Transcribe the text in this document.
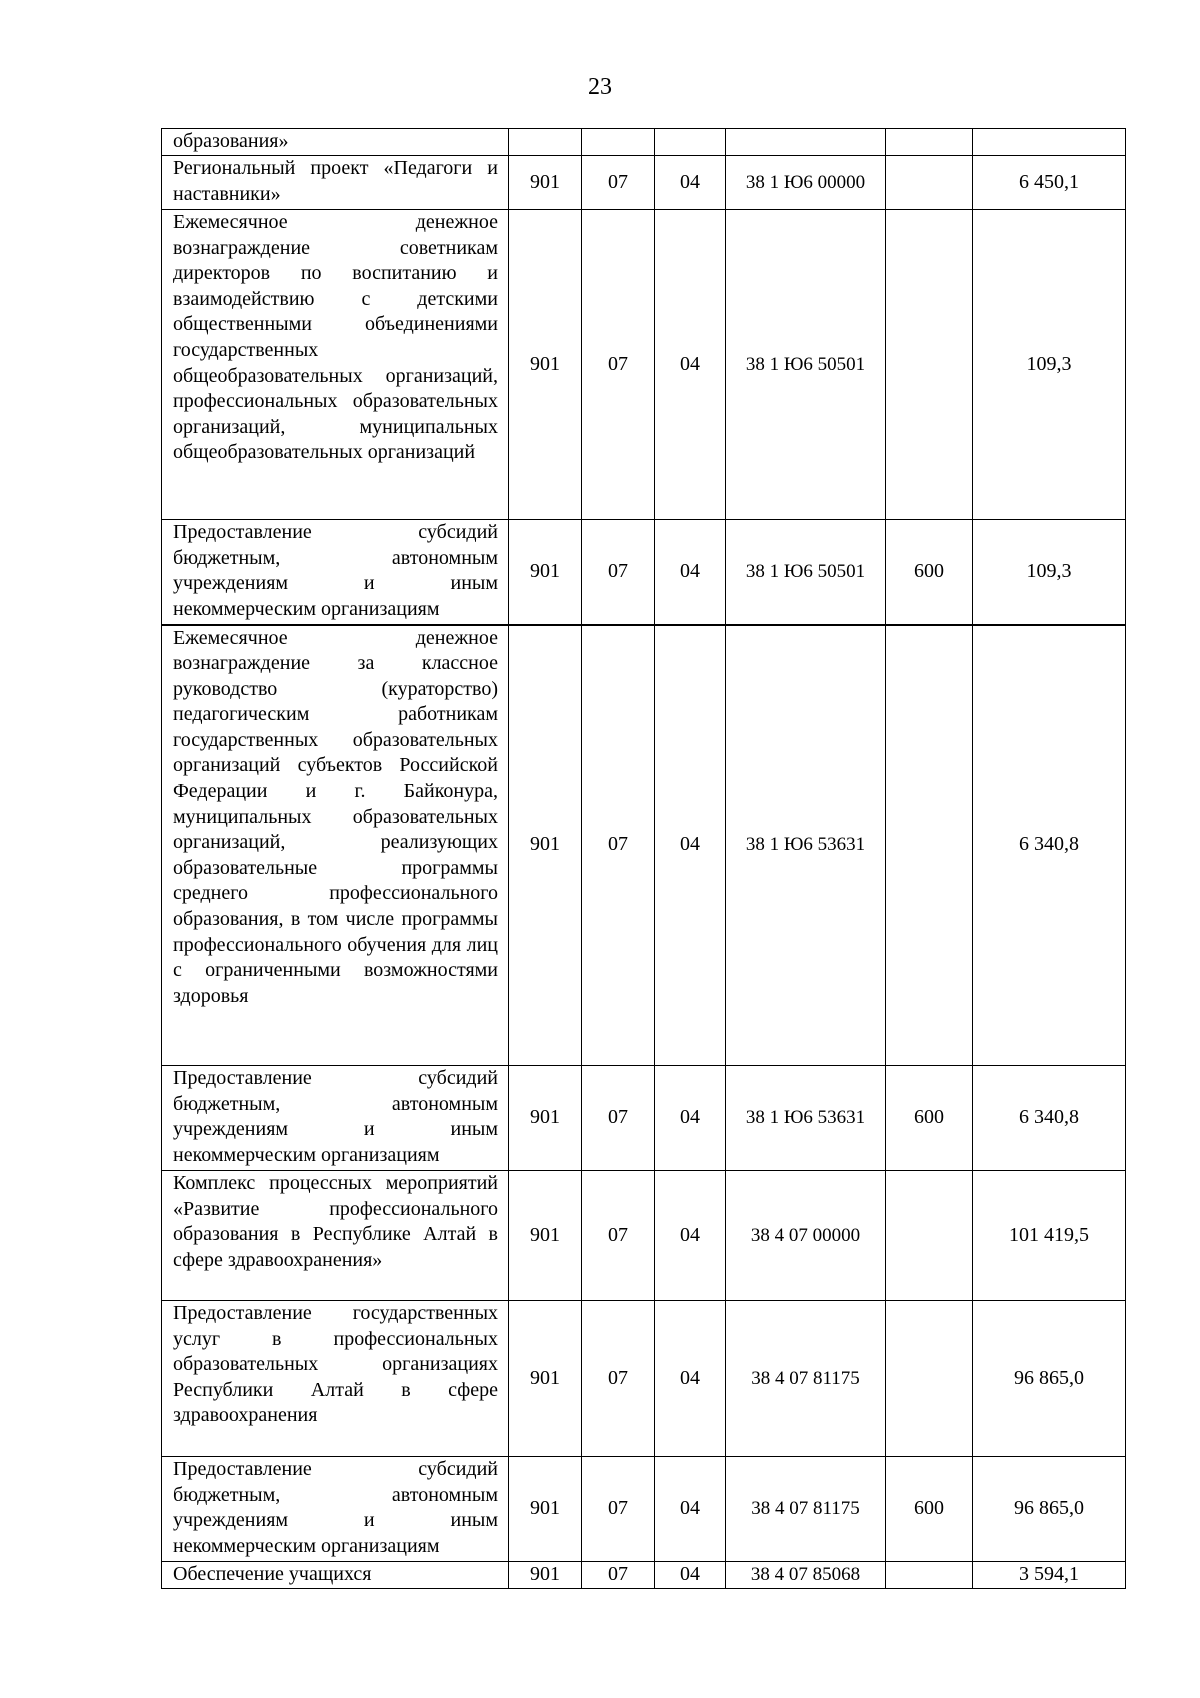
23
образования»						
Региональный проект «Педагоги и наставники»	901	07	04	38 1 Ю6 00000		6 450,1
Ежемесячное денежное вознаграждение советникам директоров по воспитанию и взаимодействию с детскими общественными объединениями государственных общеобразовательных организаций, профессиональных образовательных организаций, муниципальных общеобразовательных организаций	901	07	04	38 1 Ю6 50501		109,3
Предоставление субсидий бюджетным, автономным учреждениям и иным некоммерческим организациям	901	07	04	38 1 Ю6 50501	600	109,3
Ежемесячное денежное вознаграждение за классное руководство (кураторство) педагогическим работникам государственных образовательных организаций субъектов Российской Федерации и г. Байконура, муниципальных образовательных организаций, реализующих образовательные программы среднего профессионального образования, в том числе программы профессионального обучения для лиц с ограниченными возможностями здоровья	901	07	04	38 1 Ю6 53631		6 340,8
Предоставление субсидий бюджетным, автономным учреждениям и иным некоммерческим организациям	901	07	04	38 1 Ю6 53631	600	6 340,8
Комплекс процессных мероприятий «Развитие профессионального образования в Республике Алтай в сфере здравоохранения»	901	07	04	38 4 07 00000		101 419,5
Предоставление государственных услуг в профессиональных образовательных организациях Республики Алтай в сфере здравоохранения	901	07	04	38 4 07 81175		96 865,0
Предоставление субсидий бюджетным, автономным учреждениям и иным некоммерческим организациям	901	07	04	38 4 07 81175	600	96 865,0
Обеспечение учащихся	901	07	04	38 4 07 85068		3 594,1
